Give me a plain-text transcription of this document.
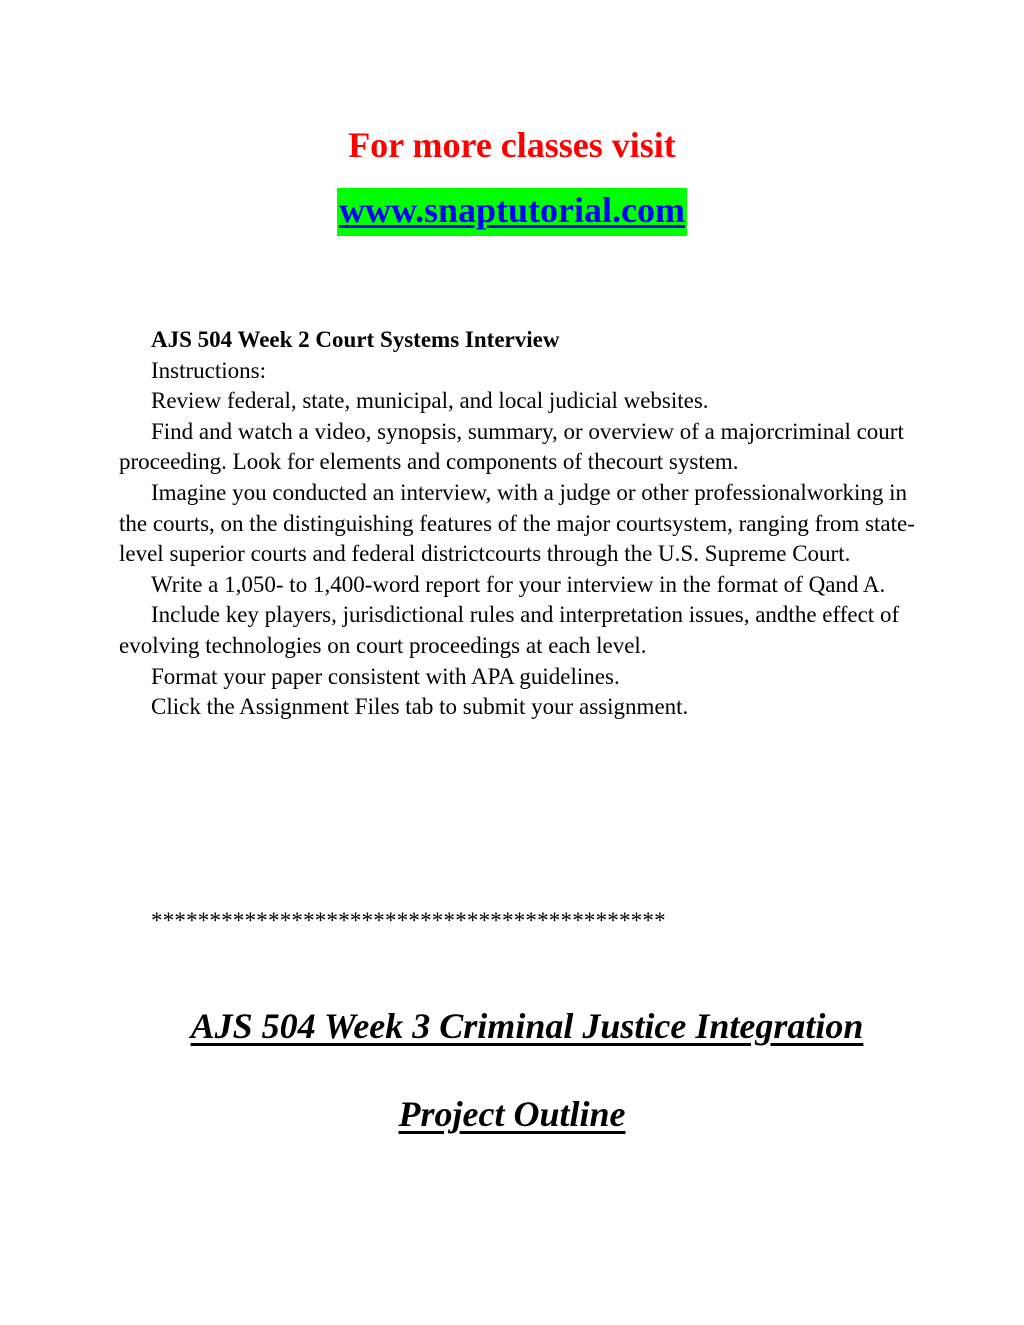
For more classes visit
www.snaptutorial.com

AJS 504 Week 2 Court Systems Interview

Instructions:

Review federal, state, municipal, and local judicial websites.

Find and watch a video, synopsis, summary, or overview of a majorcriminal court proceeding. Look for elements and components of thecourt system.

Imagine you conducted an interview, with a judge or other professionalworking in the courts, on the distinguishing features of the major courtsystem, ranging from state-level superior courts and federal districtcourts through the U.S. Supreme Court.

Write a 1,050- to 1,400-word report for your interview in the format of Qand A.

Include key players, jurisdictional rules and interpretation issues, andthe effect of evolving technologies on court proceedings at each level.

Format your paper consistent with APA guidelines.

Click the Assignment Files tab to submit your assignment.

********************************************
AJS 504 Week 3 Criminal Justice Integration
Project Outline
